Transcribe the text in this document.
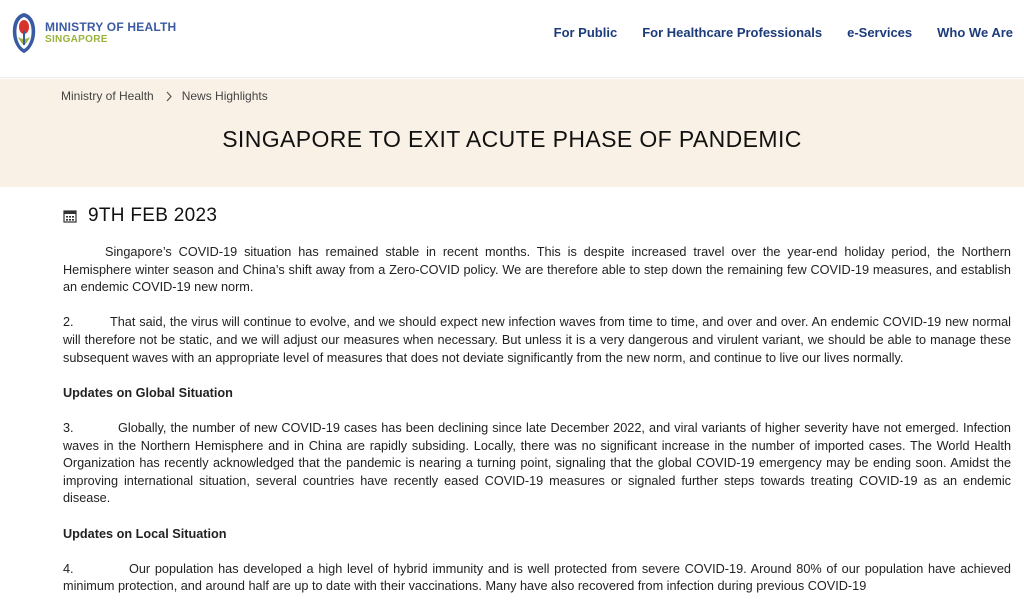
MINISTRY OF HEALTH
SINGAPORE	For Public For Healthcare Professionals e-Services Who We Are
Ministry of Health News Highlights
SINGAPORE TO EXIT ACUTE PHASE OF PANDEMIC
9TH FEB 2023

Singapore’s COVID-19 situation has remained stable in recent months. This is despite increased travel over the year-end holiday period, the Northern Hemisphere winter season and China’s shift away from a Zero-COVID policy. We are therefore able to step down the remaining few COVID-19 measures, and establish an endemic COVID-19 new norm.

2.	That said, the virus will continue to evolve, and we should expect new infection waves from time to time, and over and over. An endemic COVID-19 new normal will therefore not be static, and we will adjust our measures when necessary. But unless it is a very dangerous and virulent variant, we should be able to manage these subsequent waves with an appropriate level of measures that does not deviate significantly from the new norm, and continue to live our lives normally.

Updates on Global Situation

3.	Globally, the number of new COVID-19 cases has been declining since late December 2022, and viral variants of higher severity have not emerged. Infection waves in the Northern Hemisphere and in China are rapidly subsiding. Locally, there was no significant increase in the number of imported cases. The World Health Organization has recently acknowledged that the pandemic is nearing a turning point, signaling that the global COVID-19 emergency may be ending soon. Amidst the improving international situation, several countries have recently eased COVID-19 measures or signaled further steps towards treating COVID-19 as an endemic disease.

Updates on Local Situation

4.	Our population has developed a high level of hybrid immunity and is well protected from severe COVID-19. Around 80% of our population have achieved minimum protection, and around half are up to date with their vaccinations. Many have also recovered from infection during previous COVID-19
